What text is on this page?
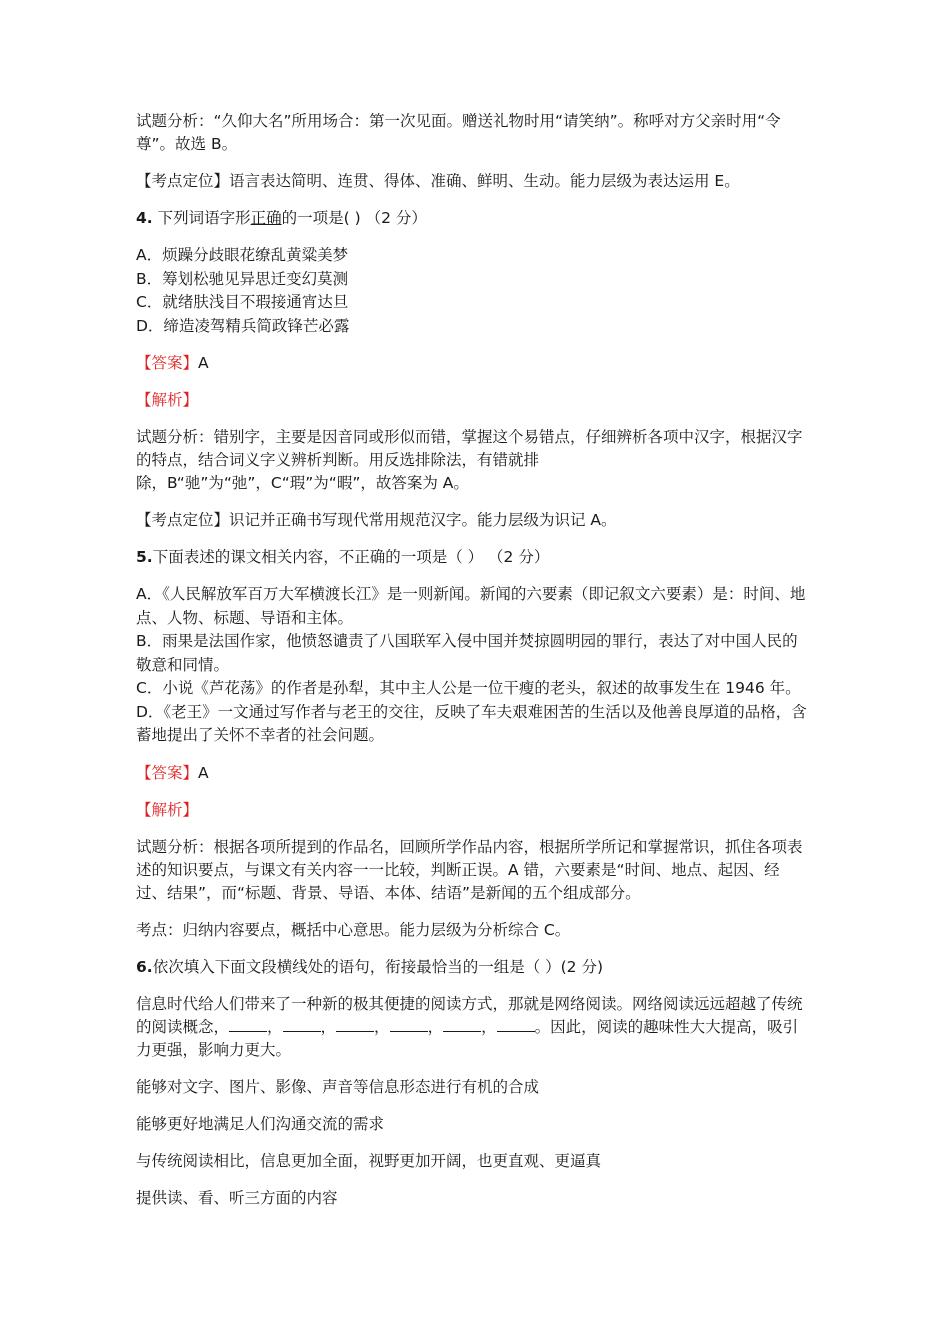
试题分析：“久仰大名”所用场合：第一次见面。赠送礼物时用“请笑纳”。称呼对方父亲时用“令尊”。故选 B。

【考点定位】语言表达简明、连贯、得体、准确、鲜明、生动。能力层级为表达运用 E。

4. 下列词语字形正确的一项是( ) （2 分）

A．烦躁分歧眼花缭乱黄粱美梦

B．筹划松驰见异思迁变幻莫测

C．就绪肤浅目不瑕接通宵达旦

D．缔造凌驾精兵简政锋芒必露

【答案】A

【解析】

试题分析：错别字，主要是因音同或形似而错，掌握这个易错点，仔细辨析各项中汉字，根据汉字的特点，结合词义字义辨析判断。用反选排除法，有错就排
除，B“驰”为“弛”，C“瑕”为“暇”，故答案为 A。

【考点定位】识记并正确书写现代常用规范汉字。能力层级为识记 A。

5.下面表述的课文相关内容，不正确的一项是（ ） （2 分）

A．《人民解放军百万大军横渡长江》是一则新闻。新闻的六要素（即记叙文六要素）是：时间、地点、人物、标题、导语和主体。

B．雨果是法国作家，他愤怒谴责了八国联军入侵中国并焚掠圆明园的罪行，表达了对中国人民的敬意和同情。

C．小说《芦花荡》的作者是孙犁，其中主人公是一位干瘦的老头，叙述的故事发生在 1946 年。

D．《老王》一文通过写作者与老王的交往，反映了车夫艰难困苦的生活以及他善良厚道的品格，含蓄地提出了关怀不幸者的社会问题。

【答案】A

【解析】

试题分析：根据各项所提到的作品名，回顾所学作品内容，根据所学所记和掌握常识，抓住各项表述的知识要点，与课文有关内容一一比较，判断正误。A 错，六要素是“时间、地点、起因、经过、结果”，而“标题、背景、导语、本体、结语”是新闻的五个组成部分。

考点：归纳内容要点，概括中心意思。能力层级为分析综合 C。

6.依次填入下面文段横线处的语句，衔接最恰当的一组是（ ）(2 分)

信息时代给人们带来了一种新的极其便捷的阅读方式，那就是网络阅读。网络阅读远远超越了传统的阅读概念， ， ， ， ， ， 。因此，阅读的趣味性大大提高，吸引力更强，影响力更大。

能够对文字、图片、影像、声音等信息形态进行有机的合成

能够更好地满足人们沟通交流的需求

与传统阅读相比，信息更加全面，视野更加开阔，也更直观、更逼真

提供读、看、听三方面的内容
